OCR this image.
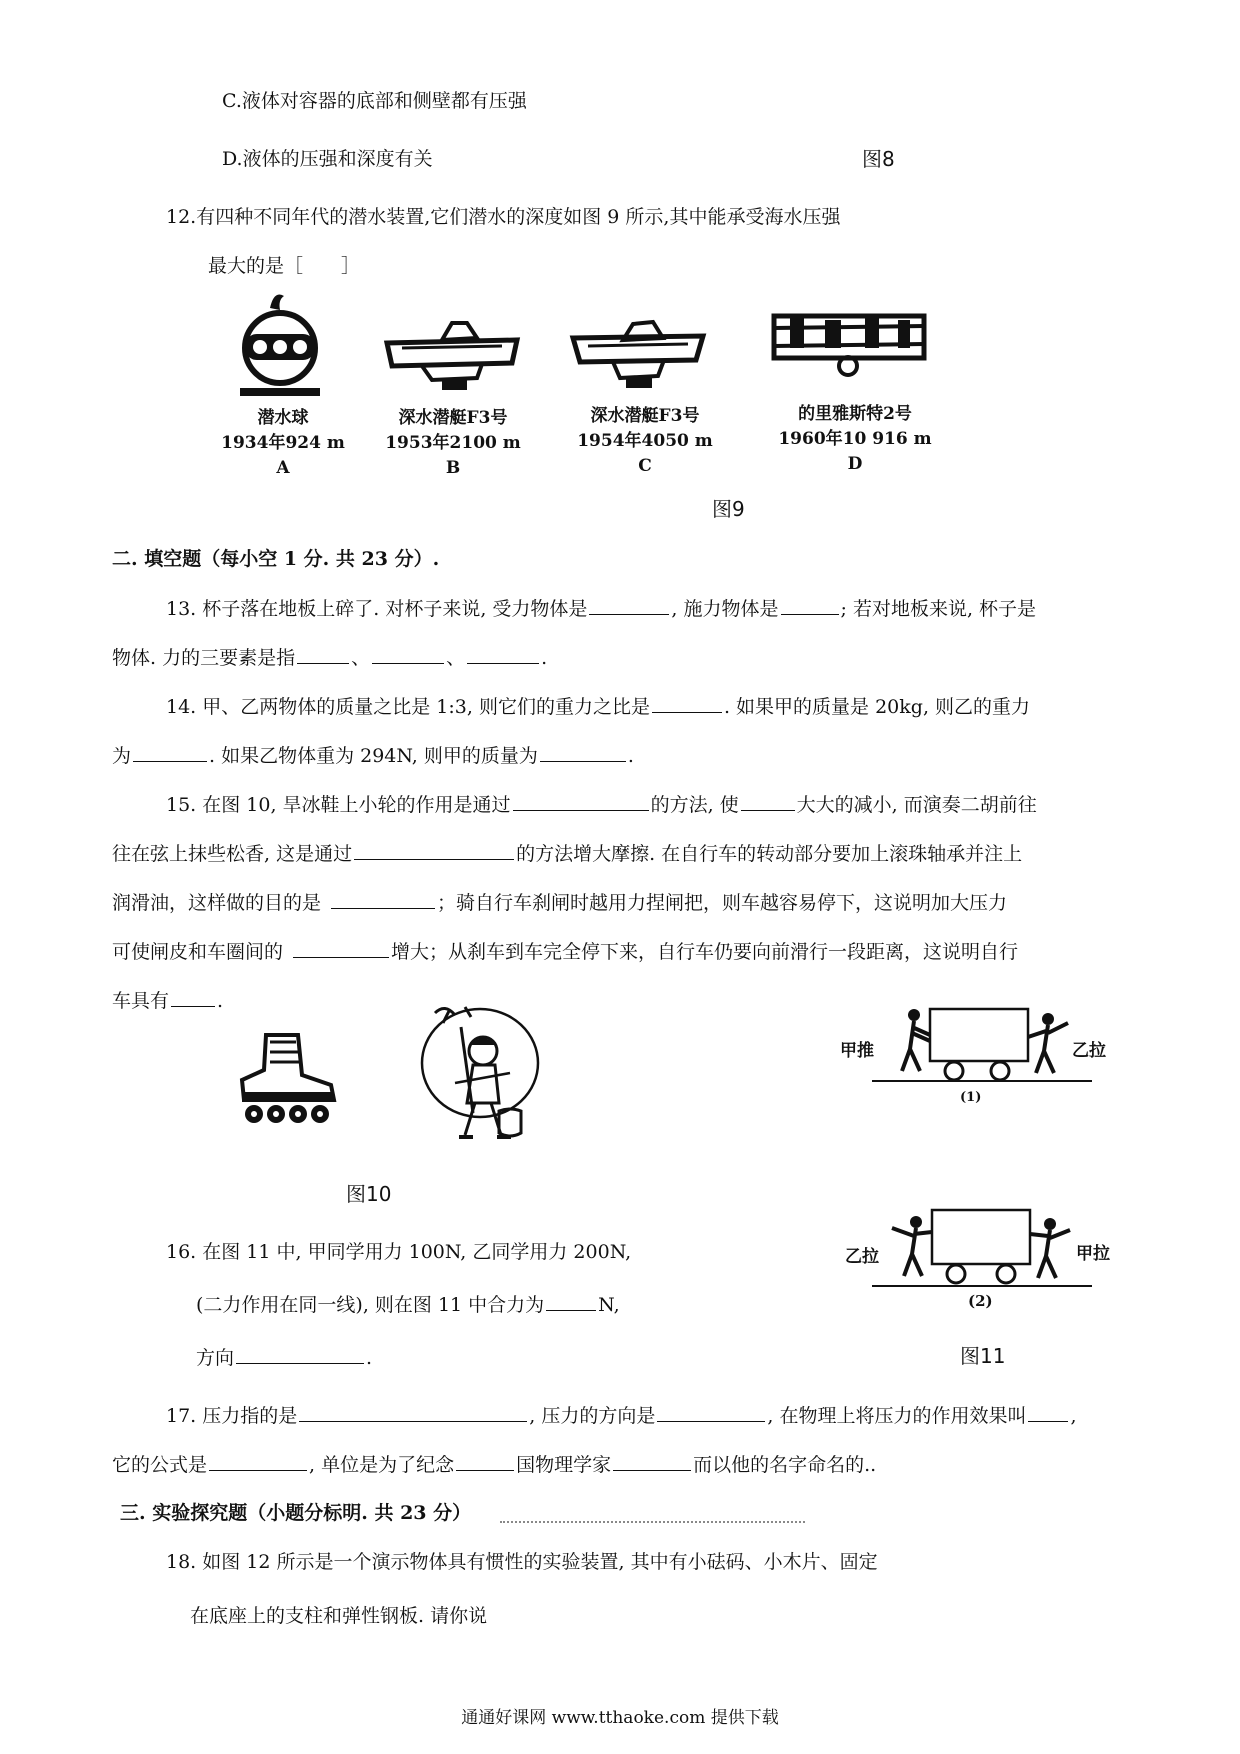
C.液体对容器的底部和侧壁都有压强
D.液体的压强和深度有关	图8
12.有四种不同年代的潜水装置,它们潜水的深度如图 9 所示,其中能承受海水压强
最大的是［　　］
潜水球
1934年924 m
A
深水潜艇F3号
1953年2100 m
B
深水潜艇F3号
1954年4050 m
C
的里雅斯特2号
1960年10 916 m
D
图9
二. 填空题（每小空 1 分. 共 23 分）.
13. 杯子落在地板上碎了. 对杯子来说, 受力物体是	, 施力物体是	; 若对地板来说, 杯子是
物体. 力的三要素是指	、	、	.
14. 甲、乙两物体的质量之比是 1:3, 则它们的重力之比是	. 如果甲的质量是 20kg, 则乙的重力
为	. 如果乙物体重为 294N, 则甲的质量为	.
15. 在图 10, 旱冰鞋上小轮的作用是通过	的方法, 使	大大的减小, 而演奏二胡前往
往在弦上抹些松香, 这是通过	的方法增大摩擦. 在自行车的转动部分要加上滚珠轴承并注上
润滑油，这样做的目的是	；骑自行车刹闸时越用力捏闸把，则车越容易停下，这说明加大压力
可使闸皮和车圈间的	增大；从刹车到车完全停下来，自行车仍要向前滑行一段距离，这说明自行
车具有	.
图10
甲推	乙拉
(1)
乙拉	甲拉
(2)
图11
16. 在图 11 中, 甲同学用力 100N, 乙同学用力 200N,
(二力作用在同一线), 则在图 11 中合力为	N,
方向	.
17. 压力指的是	, 压力的方向是	, 在物理上将压力的作用效果叫 ,
它的公式是	, 单位是为了纪念	国物理学家	而以他的名字命名的..
三. 实验探究题（小题分标明. 共 23 分）
18. 如图 12 所示是一个演示物体具有惯性的实验装置, 其中有小砝码、小木片、固定
在底座上的支柱和弹性钢板. 请你说
通通好课网 www.tthaoke.com 提供下载
